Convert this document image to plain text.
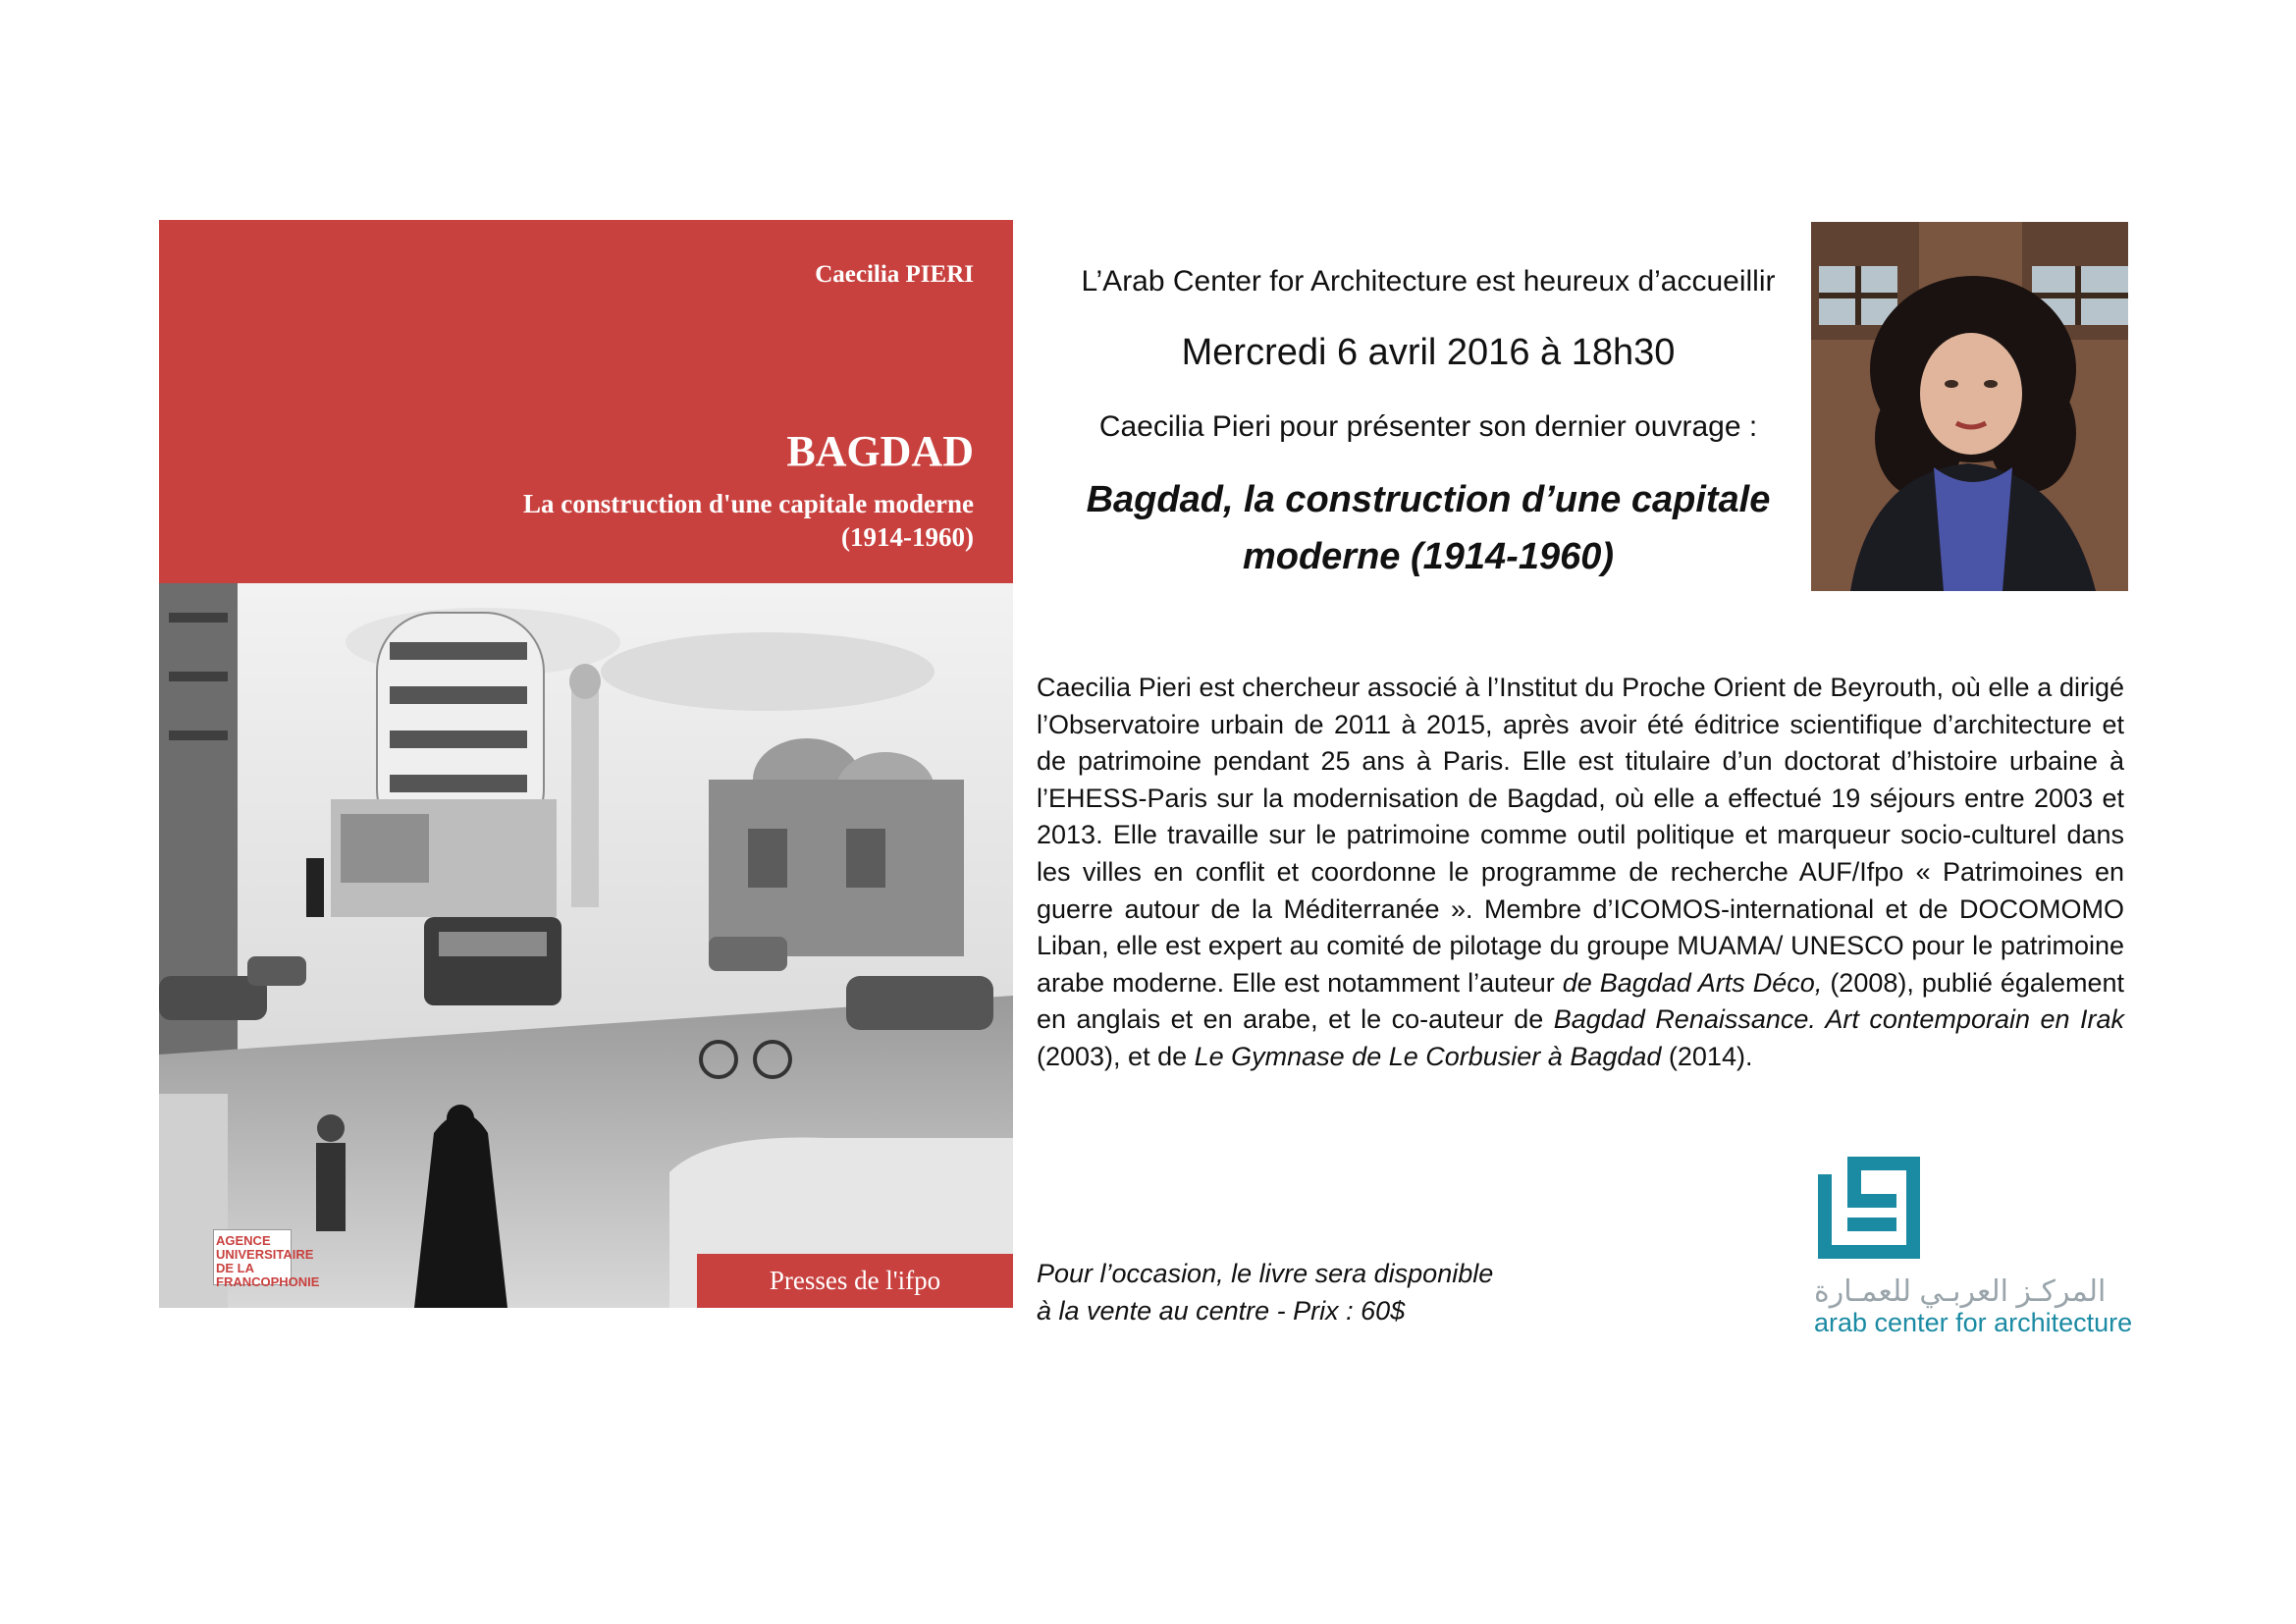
Caecilia PIERI
BAGDAD
La construction d'une capitale moderne
(1914-1960)
AGENCE UNIVERSITAIRE DE LA FRANCOPHONIE	Presses de l'ifpo
L’Arab Center for Architecture est heureux d’accueillir
Mercredi 6 avril 2016 à 18h30
Caecilia Pieri pour présenter son dernier ouvrage :
Bagdad, la construction d’une capitale
moderne (1914-1960)
Caecilia Pieri est chercheur associé à l’Institut du Proche Orient de Beyrouth, où elle a dirigé l’Observatoire urbain de 2011 à 2015, après avoir été éditrice scientifique d’architecture et de patrimoine pendant 25 ans à Paris. Elle est titulaire d’un doctorat d’histoire urbaine à l’EHESS-Paris sur la modernisation de Bagdad, où elle a effectué 19 séjours entre 2003 et 2013. Elle travaille sur le patrimoine comme outil politique et marqueur socio-culturel dans les villes en conflit et coordonne le programme de recherche AUF/Ifpo « Patrimoines en guerre autour de la Méditerranée ». Membre d’ICOMOS-international et de DOCOMOMO Liban, elle est expert au comité de pilotage du groupe MUAMA/ UNESCO pour le patrimoine arabe moderne. Elle est notamment l’auteur de Bagdad Arts Déco, (2008), publié également en anglais et en arabe, et le co-auteur de Bagdad Renaissance. Art contemporain en Irak (2003), et de Le Gymnase de Le Corbusier à Bagdad (2014).
Pour l’occasion, le livre sera disponible
à la vente au centre - Prix : 60$
المركـز العربـي للعمـارة
arab center for architecture
